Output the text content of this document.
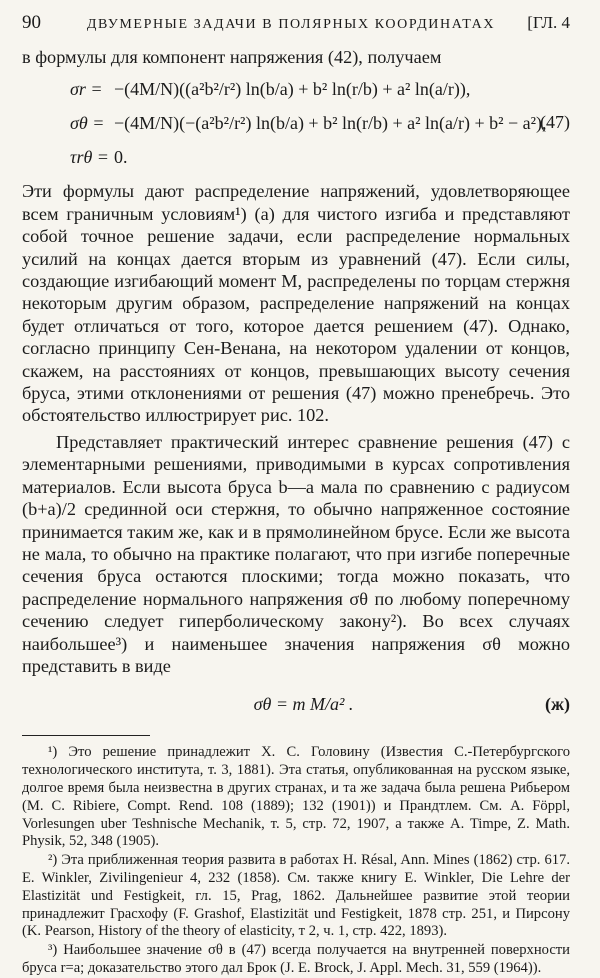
90	ДВУМЕРНЫЕ ЗАДАЧИ В ПОЛЯРНЫХ КООРДИНАТАХ	[ГЛ. 4
в формулы для компонент напряжения (42), получаем
σr = −(4M/N)((a²b²/r²) ln(b/a) + b² ln(r/b) + a² ln(a/r)),
σθ = −(4M/N)(−(a²b²/r²) ln(b/a) + b² ln(r/b) + a² ln(a/r) + b² − a²),
τrθ = 0.
(47)

Эти формулы дают распределение напряжений, удовлетворяющее всем граничным условиям¹) (а) для чистого изгиба и представляют собой точное решение задачи, если распределение нормальных усилий на концах дается вторым из уравнений (47). Если силы, создающие изгибающий момент M, распределены по торцам стержня некоторым другим образом, распределение напряжений на концах будет отличаться от того, которое дается решением (47). Однако, согласно принципу Сен-Венана, на некотором удалении от концов, скажем, на расстояниях от концов, превышающих высоту сечения бруса, этими отклонениями от решения (47) можно пренебречь. Это обстоятельство иллюстрирует рис. 102.

Представляет практический интерес сравнение решения (47) с элементарными решениями, приводимыми в курсах сопротивления материалов. Если высота бруса b—a мала по сравнению с радиусом (b+a)/2 срединной оси стержня, то обычно напряженное состояние принимается таким же, как и в прямолинейном брусе. Если же высота не мала, то обычно на практике полагают, что при изгибе поперечные сечения бруса остаются плоскими; тогда можно показать, что распределение нормального напряжения σθ по любому поперечному сечению следует гиперболическому закону²). Во всех случаях наибольшее³) и наименьшее значения напряжения σθ можно представить в виде

σθ = m M/a² .	(ж)

¹) Это решение принадлежит X. С. Головину (Известия С.-Петербургского технологического института, т. 3, 1881). Эта статья, опубликованная на русском языке, долгое время была неизвестна в других странах, и та же задача была решена Рибьером (M. C. Ribiere, Compt. Rend. 108 (1889); 132 (1901)) и Прандтлем. См. A. Föppl, Vorlesungen uber Teshnische Mechanik, т. 5, стр. 72, 1907, а также A. Timpe, Z. Math. Physik, 52, 348 (1905).

²) Эта приближенная теория развита в работах H. Résal, Ann. Mines (1862) стр. 617. E. Winkler, Zivilingenieur 4, 232 (1858). См. также книгу E. Winkler, Die Lehre der Elastizität und Festigkeit, гл. 15, Prag, 1862. Дальнейшее развитие этой теории принадлежит Грасхофу (F. Grashof, Elastizität und Festigkeit, 1878 стр. 251, и Пирсону (K. Pearson, History of the theory of elasticity, т 2, ч. 1, стр. 422, 1893).

³) Наибольшее значение σθ в (47) всегда получается на внутренней поверхности бруса r=a; доказательство этого дал Брок (J. E. Brock, J. Appl. Mech. 31, 559 (1964)).
